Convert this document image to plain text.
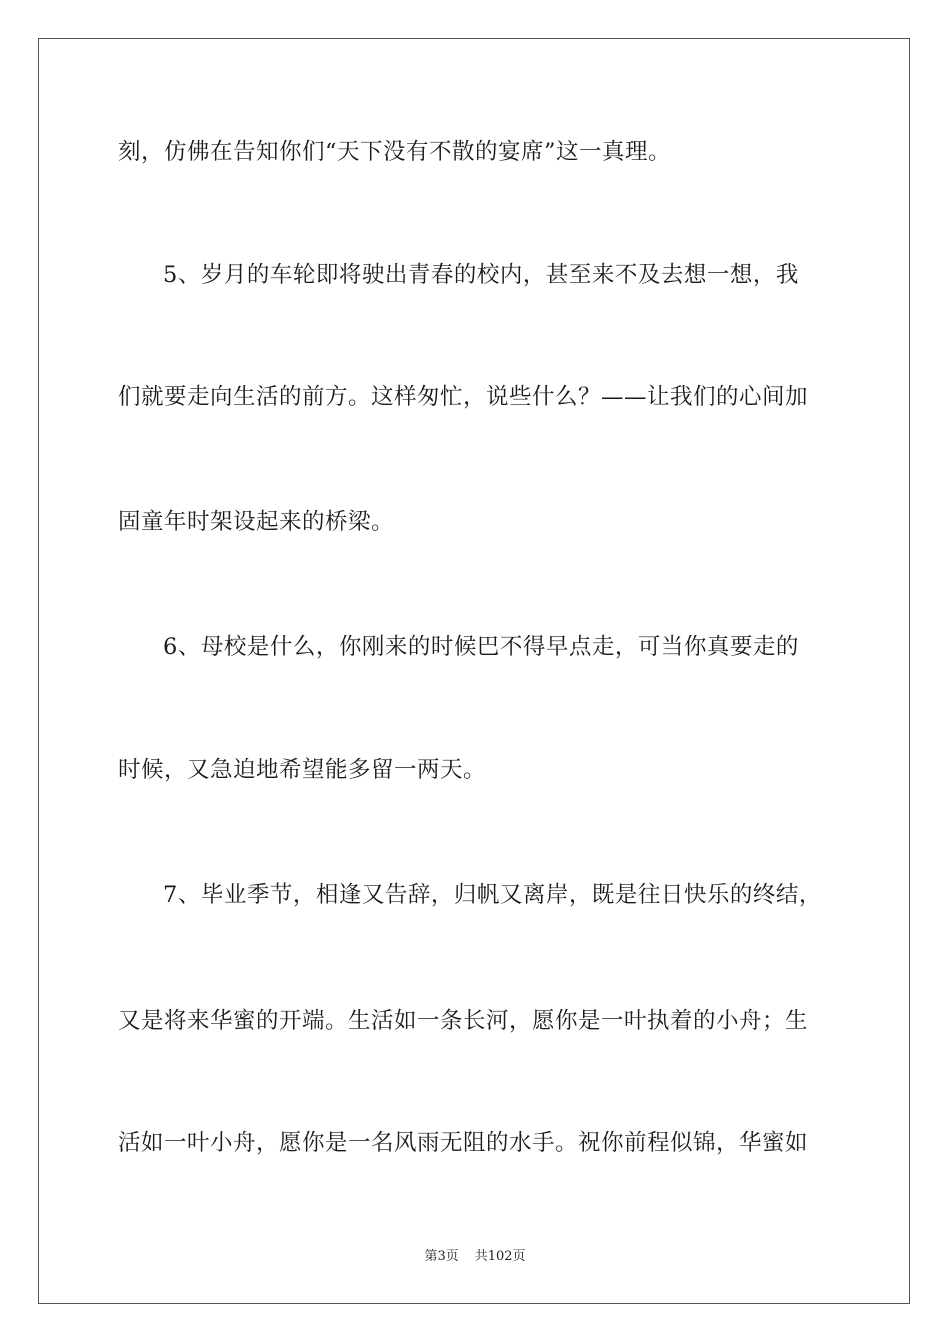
刻，仿佛在告知你们“天下没有不散的宴席”这一真理。
5、岁月的车轮即将驶出青春的校内，甚至来不及去想一想，我
们就要走向生活的前方。这样匆忙，说些什么？——让我们的心间加
固童年时架设起来的桥梁。
6、母校是什么，你刚来的时候巴不得早点走，可当你真要走的
时候，又急迫地希望能多留一两天。
7、毕业季节，相逢又告辞，归帆又离岸，既是往日快乐的终结，
又是将来华蜜的开端。生活如一条长河，愿你是一叶执着的小舟；生
活如一叶小舟，愿你是一名风雨无阻的水手。祝你前程似锦，华蜜如
第3页 共102页
